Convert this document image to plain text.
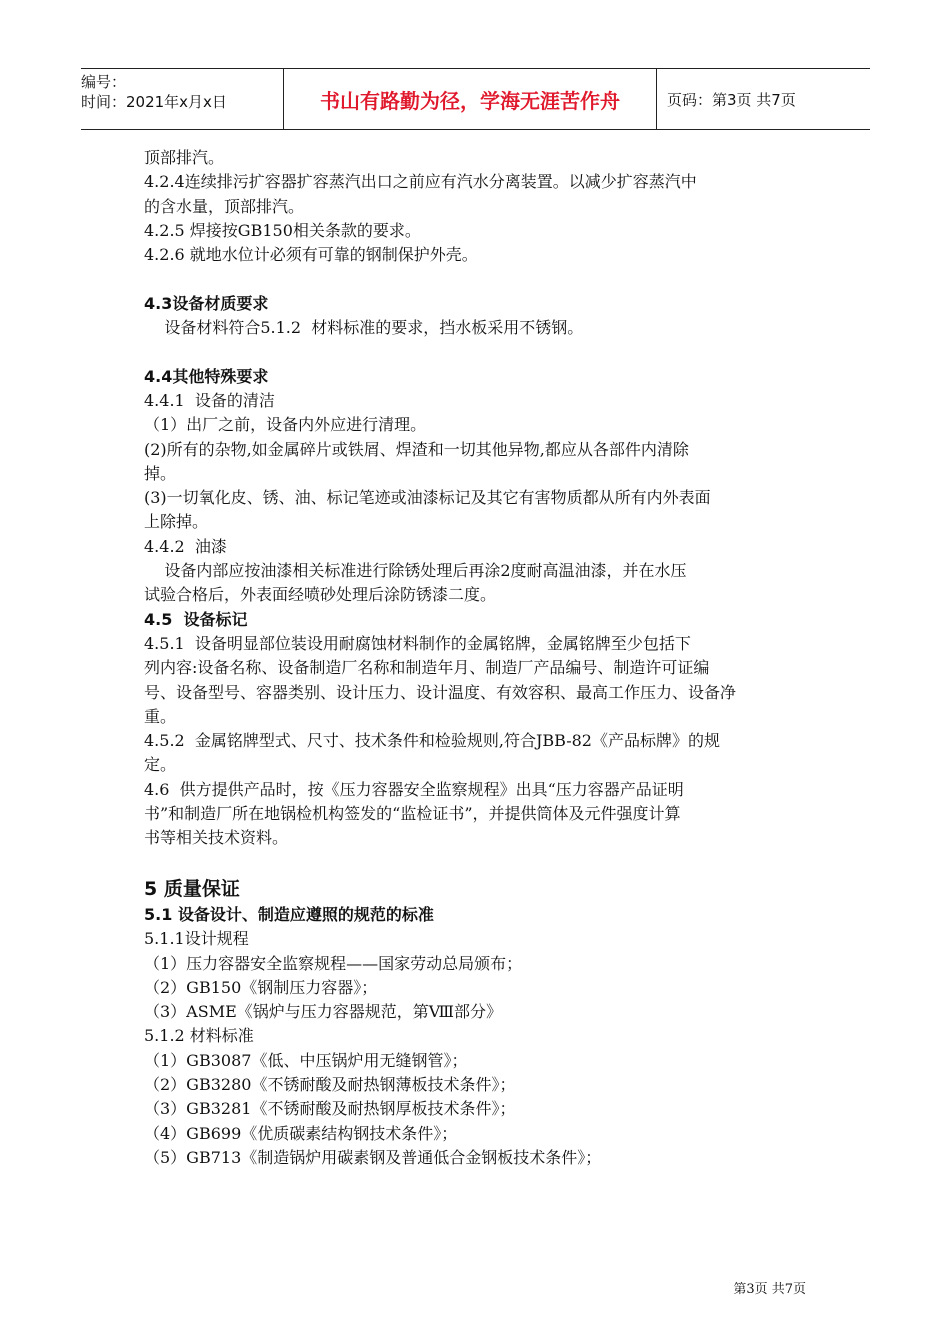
编号：
时间：2021年x月x日	书山有路勤为径，学海无涯苦作舟	页码：第3页 共7页
顶部排汽。
4.2.4连续排污扩容器扩容蒸汽出口之前应有汽水分离装置。以减少扩容蒸汽中
的含水量，顶部排汽。
4.2.5 焊接按GB150相关条款的要求。
4.2.6 就地水位计必须有可靠的钢制保护外壳。
4.3设备材质要求
设备材料符合5.1.2  材料标准的要求，挡水板采用不锈钢。
4.4其他特殊要求
4.4.1  设备的清洁
（1）出厂之前，设备内外应进行清理。
(2)所有的杂物,如金属碎片或铁屑、焊渣和一切其他异物,都应从各部件内清除
掉。
(3)一切氧化皮、锈、油、标记笔迹或油漆标记及其它有害物质都从所有内外表面
上除掉。
4.4.2  油漆
设备内部应按油漆相关标准进行除锈处理后再涂2度耐高温油漆，并在水压
试验合格后，外表面经喷砂处理后涂防锈漆二度。
4.5  设备标记
4.5.1  设备明显部位装设用耐腐蚀材料制作的金属铭牌，金属铭牌至少包括下
列内容:设备名称、设备制造厂名称和制造年月、制造厂产品编号、制造许可证编
号、设备型号、容器类别、设计压力、设计温度、有效容积、最高工作压力、设备净
重。
4.5.2  金属铭牌型式、尺寸、技术条件和检验规则,符合JBB-82《产品标牌》的规
定。
4.6  供方提供产品时，按《压力容器安全监察规程》出具“压力容器产品证明
书”和制造厂所在地锅检机构签发的“监检证书”，并提供筒体及元件强度计算
书等相关技术资料。
5 质量保证
5.1 设备设计、制造应遵照的规范的标准
5.1.1设计规程
（1）压力容器安全监察规程——国家劳动总局颁布；
（2）GB150《钢制压力容器》；
（3）ASME《锅炉与压力容器规范，第Ⅷ部分》
5.1.2 材料标准
（1）GB3087《低、中压锅炉用无缝钢管》；
（2）GB3280《不锈耐酸及耐热钢薄板技术条件》；
（3）GB3281《不锈耐酸及耐热钢厚板技术条件》；
（4）GB699《优质碳素结构钢技术条件》；
（5）GB713《制造锅炉用碳素钢及普通低合金钢板技术条件》；
第3页 共7页
